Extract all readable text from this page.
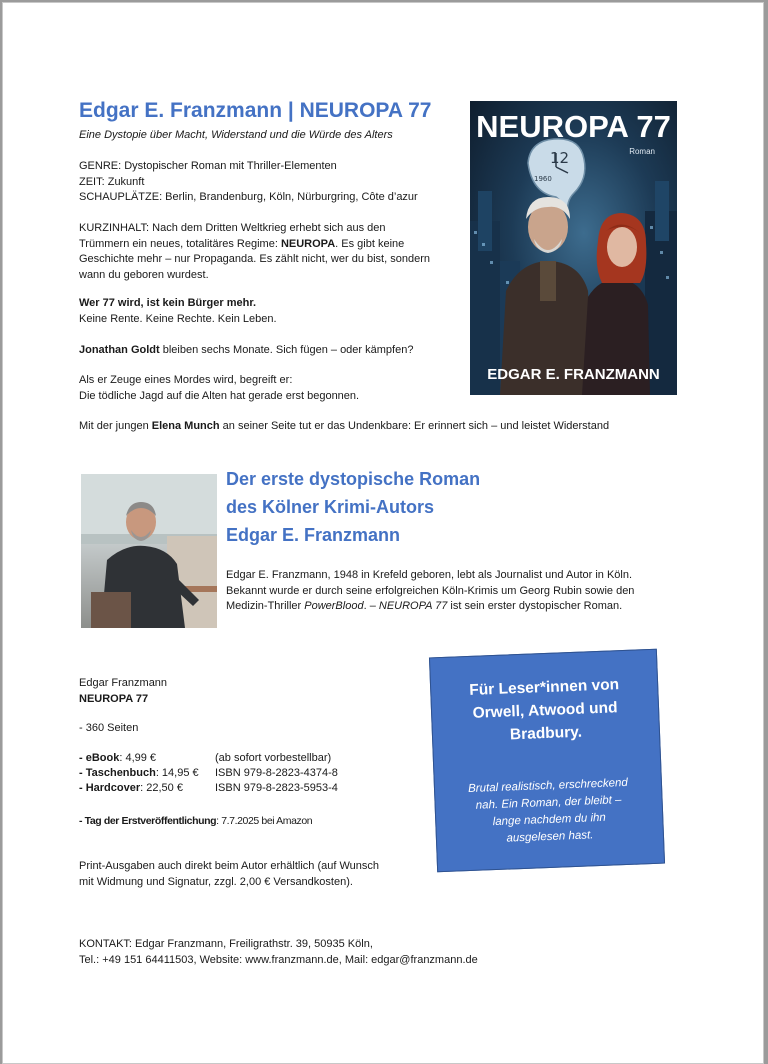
Edgar E. Franzmann | NEUROPA 77
Eine Dystopie über Macht, Widerstand und die Würde des Alters
GENRE: Dystopischer Roman mit Thriller-Elementen
ZEIT: Zukunft
SCHAUPLÄTZE: Berlin, Brandenburg, Köln, Nürburgring, Côte d’azur
KURZINHALT: Nach dem Dritten Weltkrieg erhebt sich aus den
Trümmern ein neues, totalitäres Regime: NEUROPA. Es gibt keine
Geschichte mehr – nur Propaganda. Es zählt nicht, wer du bist, sondern
wann du geboren wurdest.
Wer 77 wird, ist kein Bürger mehr.
Keine Rente. Keine Rechte. Kein Leben.
Jonathan Goldt bleiben sechs Monate. Sich fügen – oder kämpfen?
Als er Zeuge eines Mordes wird, begreift er:
Die tödliche Jagd auf die Alten hat gerade erst begonnen.
Mit der jungen Elena Munch an seiner Seite tut er das Undenkbare: Er erinnert sich – und leistet Widerstand
12
1960
NEUROPA 77
Roman
EDGAR E. FRANZMANN
Der erste dystopische Roman
des Kölner Krimi-Autors
Edgar E. Franzmann
Edgar E. Franzmann, 1948 in Krefeld geboren, lebt als Journalist und Autor in Köln.
Bekannt wurde er durch seine erfolgreichen Köln-Krimis um Georg Rubin sowie den
Medizin-Thriller PowerBlood. – NEUROPA 77 ist sein erster dystopischer Roman.
Edgar Franzmann
NEUROPA 77
- 360 Seiten
- eBook: 4,99 €	(ab sofort vorbestellbar)
- Taschenbuch: 14,95 € ISBN 979-8-2823-4374-8
- Hardcover: 22,50 €	ISBN 979-8-2823-5953-4
- Tag der Erstveröffentlichung: 7.7.2025 bei Amazon
Print-Ausgaben auch direkt beim Autor erhältlich (auf Wunsch
mit Widmung und Signatur, zzgl. 2,00 € Versandkosten).
Für Leser*innen von
Orwell, Atwood und
Bradbury.
Brutal realistisch, erschreckend
nah. Ein Roman, der bleibt –
lange nachdem du ihn
ausgelesen hast.
KONTAKT: Edgar Franzmann, Freiligrathstr. 39, 50935 Köln,
Tel.: +49 151 64411503, Website: www.franzmann.de, Mail: edgar@franzmann.de
